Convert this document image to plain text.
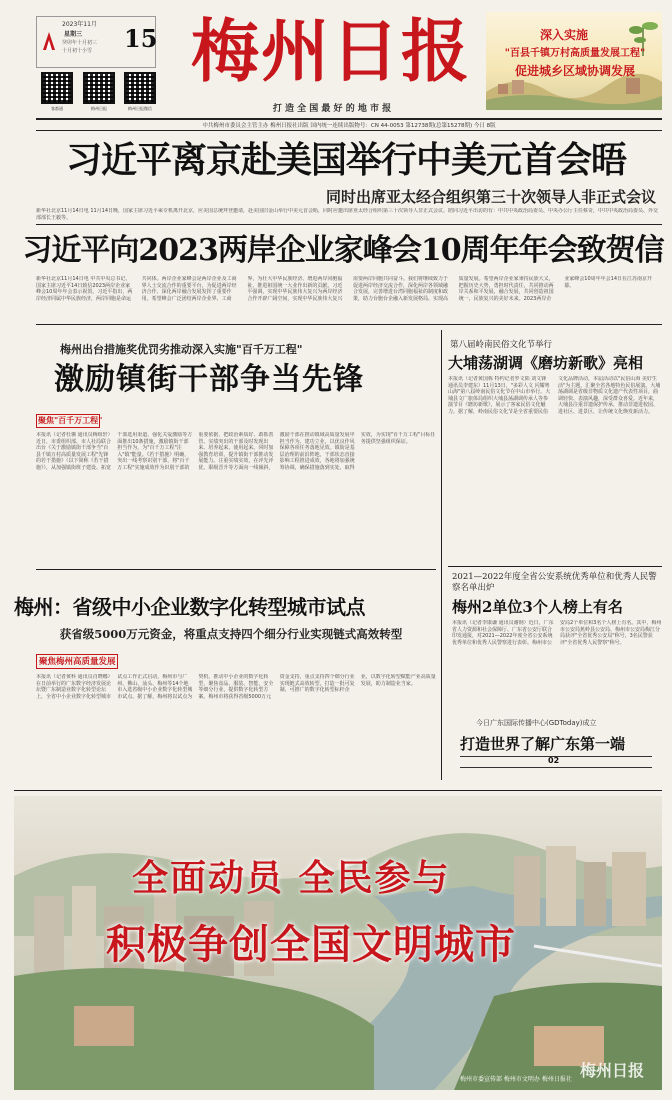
2023年11月
星期三
癸卯年十月初三
十月初十小雪 15
客都通	梅州日报	梅州日报微信
梅州日报
打 造 全 国 最 好 的 地 市 报
深入实施
"百县千镇万村高质量发展工程"
促进城乡区域协调发展
中共梅州市委员会主管主办 梅州日报社出版 国内统一连续出版物号：CN 44-0053 第12738期(总第15278期) 今日 8版
习近平离京赴美国举行中美元首会晤
同时出席亚太经合组织第三十次领导人非正式会议
新华社北京11月14日电 11月14日晚，国家主席习近平乘专机离开北京，应美国总统拜登邀请，赴美国旧金山举行中美元首会晤，同时应邀出席亚太经合组织第三十次领导人非正式会议。陪同习近平出访的有：中共中央政治局委员、中央办公厅主任蔡奇，中共中央政治局委员、外交部部长王毅等。
习近平向2023两岸企业家峰会10周年年会致贺信
新华社北京11月14日电 中共中央总书记、国家主席习近平14日致信2023两岸企业家峰会10周年年会表示祝贺。习近平指出，两岸经济同属中华民族经济，两岸同胞是命运共同体。两岸企业家峰会是两岸企业及工商界人士交流合作的重要平台，为促进两岸经济合作、深化两岸融合发展发挥了重要作用。希望峰会广泛团结两岸企业界、工商界，为壮大中华民族经济、增进两岸同胞福祉、推进祖国统一大业作出新的贡献。习近平强调，实现中华民族伟大复兴为两岸经济合作开辟广阔空间，实现中华民族伟大复兴需要两岸同胞共同奋斗。我们将继续致力于促进两岸经济交流合作，深化两岸各领域融合发展，完善增进台湾同胞福祉的制度和政策，助力台胞台企融入新发展格局、实现高质量发展。希望两岸企业家秉持民族大义，把握历史大势，勇担时代责任，共同推动两岸关系和平发展、融合发展，共同创造祖国统一、民族复兴的美好未来。2023两岸企业家峰会10周年年会14日在江苏南京开幕。
梅州出台措施奖优罚劣推动深入实施"百千万工程"
激励镇街干部争当先锋
聚焦"百千万工程"
本报讯（记者杜骥 通讯员梅组轩）近日，市委组织部、市人社局联合出台《关于激励镇街干部争当"百县千镇万村高质量发展工程"先锋的若干措施》（以下简称《若干措施》），从加强镇街班子建设、拓宽干部选用渠道、强化关爱激励等方面推出10条措施，激励镇街干部担当作为，为"百千万工程"注入"镇"能量。《若干措施》明确，突出一线考察识别干部，将"百千万工程"实施成效作为识别干部的重要依据，把政治素质好、敢抓善管、实绩突出的干部及时发现出来、培养起来、使用起来。同时加强教育培训，提升镇街干部推动发展能力。注重实绩实效，在评先评优、职级晋升等方面向一线倾斜，激励干部在推动镇域高质量发展中担当作为、建功立业，以优良作风保障各项任务落地见效。镇街是基层治理的前沿阵地，干部状态直接影响工程推进成效，各地将加强统筹协调，确保措施落到实处、取得实效，为实现"百千万工程"目标任务提供坚强组织保证。
第八届岭南民俗文化节举行
大埔荡湖调《磨坊新歌》亮相
本报讯（记者黄国栋 特约记者罗文韬 刘文锋 通讯员李建东）11月13日，"多彩人文 闪耀粤山海"第八届岭南民俗文化节在中山市举行。大埔县文广旅体局组织大埔县荡湖调传承人等参演节目《磨坊新歌》，展示了客家民俗文化魅力。据了解，岭南民俗文化节是全省重要民俗文化品牌活动，本届活动以"民俗山海 美好生活"为主题，汇聚全省各地特色民俗展演。大埔荡湖调是省级非物质文化遗产代表性项目，曲调轻快、表演风趣，深受群众喜爱。近年来，大埔县注重非遗保护传承，推动非遗进校园、进社区、进景区，让传统文化焕发新活力。
2021—2022年度全省公安系统优秀单位和优秀人民警察名单出炉
梅州2单位3个人榜上有名
本报讯（记者李康谦 通讯员谢钢）近日，广东省人力资源和社会保障厅、广东省公安厅联合印发通报，对2021—2022年度全省公安系统优秀单位和优秀人民警察进行表彰。梅州市公安局2个单位和3名个人榜上有名。其中，梅州市公安局蕉岭县公安局、梅州市公安局梅江分局获评"全省优秀公安局"称号，3名民警获评"全省优秀人民警察"称号。
今日广东国际传播中心(GDToday)成立
打造世界了解广东第一端
02
梅州：省级中小企业数字化转型城市试点
获省级5000万元资金，将重点支持四个细分行业实现链式高效转型
聚焦梅州高质量发展
本报讯（记者黄科 通讯员肖晓娜）在日前举行的广东数字经济发展论坛暨广东制造业数字化转型论坛上，全省中小企业数字化转型城市试点工作正式启动，梅州市与广州、佛山、汕头、梅州等14个地市入选省级中小企业数字化转型城市试点。据了解，梅州将以试点为契机，推动中小企业的数字化转型，聚焦食品、服装、智能、安全等细分行业，提供数字化转型方案。梅州市将获得省级5000万元资金支持，重点支持四个细分行业实现链式高效转型，打造一批可复制、可推广的数字化转型标杆企业，以数字化转型赋能产业高质量发展，助力制造业当家。
全面动员 全民参与
积极争创全国文明城市
梅州市委宣传部 梅州市文明办 梅州日报社 梅州日报
